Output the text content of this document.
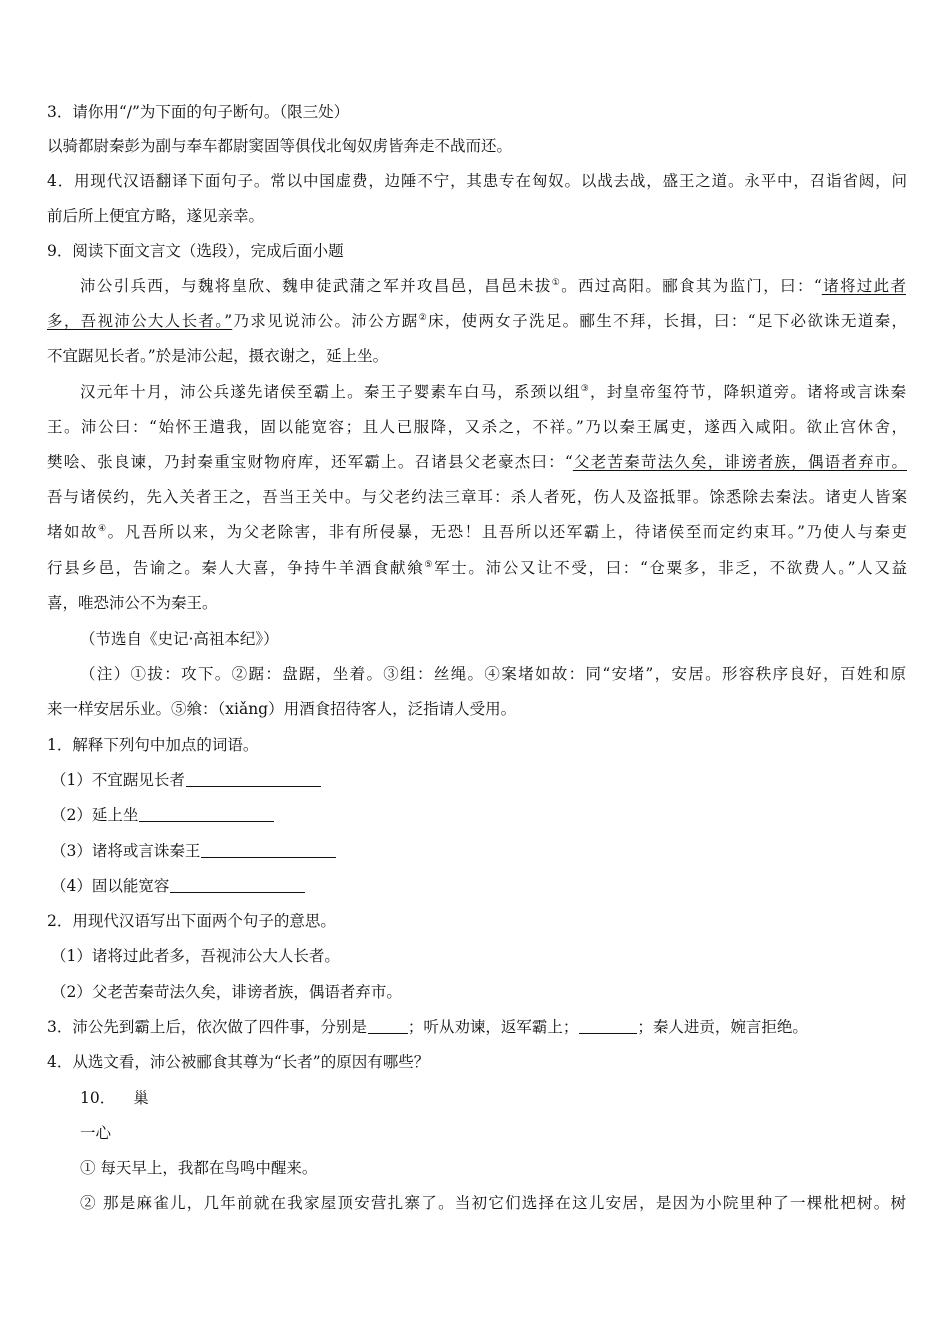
3．请你用“/”为下面的句子断句。（限三处）
以骑都尉秦彭为副与奉车都尉窦固等俱伐北匈奴虏皆奔走不战而还。
4．用现代汉语翻译下面句子。常以中国虚费，边陲不宁，其患专在匈奴。以战去战，盛王之道。永平中，召诣省闼，问
前后所上便宜方略，遂见亲幸。
9．阅读下面文言文（选段），完成后面小题
沛公引兵西，与魏将皇欣、魏申徒武蒲之军并攻昌邑，昌邑未拔①。西过高阳。郦食其为监门，曰：“诸将过此者
多，吾视沛公大人长者。”乃求见说沛公。沛公方踞②床，使两女子洗足。郦生不拜，长揖，曰：“足下必欲诛无道秦，
不宜踞见长者。”於是沛公起，摄衣谢之，延上坐。
汉元年十月，沛公兵遂先诸侯至霸上。秦王子婴素车白马，系颈以组③，封皇帝玺符节，降轵道旁。诸将或言诛秦
王。沛公曰：“始怀王遣我，固以能宽容；且人已服降，又杀之，不祥。”乃以秦王属吏，遂西入咸阳。欲止宫休舍，
樊哙、张良谏，乃封秦重宝财物府库，还军霸上。召诸县父老豪杰曰：“父老苦秦苛法久矣，诽谤者族，偶语者弃市。
吾与诸侯约，先入关者王之，吾当王关中。与父老约法三章耳：杀人者死，伤人及盗抵罪。馀悉除去秦法。诸吏人皆案
堵如故④。凡吾所以来，为父老除害，非有所侵暴，无恐！且吾所以还军霸上，待诸侯至而定约束耳。”乃使人与秦吏
行县乡邑，告谕之。秦人大喜，争持牛羊酒食献飨⑤军士。沛公又让不受，曰：“仓粟多，非乏，不欲费人。”人又益
喜，唯恐沛公不为秦王。
（节选自《史记·高祖本纪》）
（注）①拔：攻下。②踞：盘踞，坐着。③组：丝绳。④案堵如故：同“安堵”，安居。形容秩序良好，百姓和原
来一样安居乐业。⑤飨：（xiǎng）用酒食招待客人，泛指请人受用。
1．解释下列句中加点的词语。
（1）不宜踞见长者
（2）延上坐
（3）诸将或言诛秦王
（4）固以能宽容
2．用现代汉语写出下面两个句子的意思。
（1）诸将过此者多，吾视沛公大人长者。
（2）父老苦秦苛法久矣，诽谤者族，偶语者弃市。
3．沛公先到霸上后，依次做了四件事，分别是	；听从劝谏，返军霸上；	；秦人进贡，婉言拒绝。
4．从选文看，沛公被郦食其尊为“长者”的原因有哪些？
10． 巢
一心
① 每天早上，我都在鸟鸣中醒来。
② 那是麻雀儿，几年前就在我家屋顶安营扎寨了。当初它们选择在这儿安居，是因为小院里种了一棵枇杷树。树
